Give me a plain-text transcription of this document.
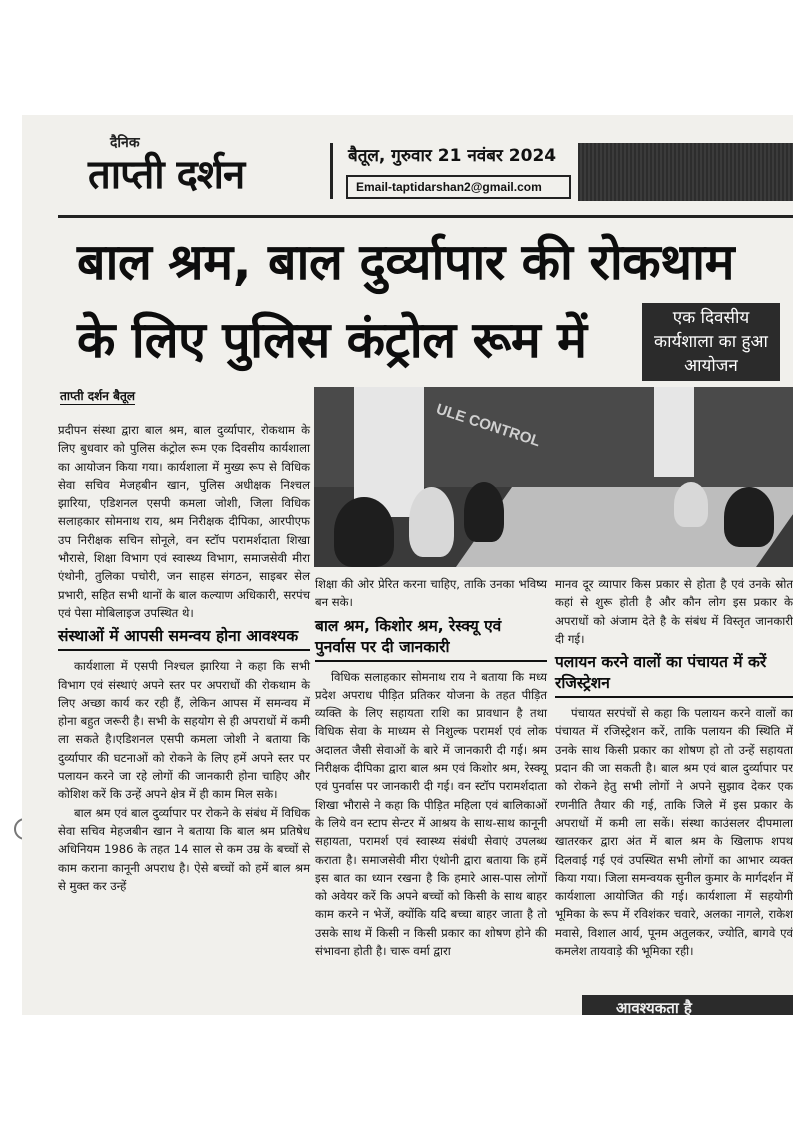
दैनिक
ताप्ती दर्शन	बैतूल, गुरुवार 21 नवंबर 2024
Email-taptidarshan2@gmail.com
बाल श्रम, बाल दुर्व्यापार की रोकथाम
के लिए पुलिस कंट्रोल रूम में	एक दिवसीय कार्यशाला का हुआ आयोजन
ताप्ती दर्शन बैतूल

प्रदीपन संस्था द्वारा बाल श्रम, बाल दुर्व्यापार, रोकथाम के लिए बुधवार को पुलिस कंट्रोल रूम एक दिवसीय कार्यशाला का आयोजन किया गया। कार्यशाला में मुख्य रूप से विधिक सेवा सचिव मेजहबीन खान, पुलिस अधीक्षक निश्चल झारिया, एडिशनल एसपी कमला जोशी, जिला विधिक सलाहकार सोमनाथ राय, श्रम निरीक्षक दीपिका, आरपीएफ उप निरीक्षक सचिन सोनूले, वन स्टॉप परामर्शदाता शिखा भौरासे, शिक्षा विभाग एवं स्वास्थ्य विभाग, समाजसेवी मीरा एंथोनी, तुलिका पचोरी, जन साहस संगठन, साइबर सेल प्रभारी, सहित सभी थानों के बाल कल्याण अधिकारी, सरपंच एवं पेसा मोबिलाइज उपस्थित थे।

संस्थाओं में आपसी समन्वय होना आवश्यक

कार्यशाला में एसपी निश्चल झारिया ने कहा कि सभी विभाग एवं संस्थाएं अपने स्तर पर अपराधों की रोकथाम के लिए अच्छा कार्य कर रही हैं, लेकिन आपस में समन्वय में होना बहुत जरूरी है। सभी के सहयोग से ही अपराधों में कमी ला सकते है।एडिशनल एसपी कमला जोशी ने बताया कि दुर्व्यापार की घटनाओं को रोकने के लिए हमें अपने स्तर पर पलायन करने जा रहे लोगों की जानकारी होना चाहिए और कोशिश करें कि उन्हें अपने क्षेत्र में ही काम मिल सके।

बाल श्रम एवं बाल दुर्व्यापार पर रोकने के संबंध में विधिक सेवा सचिव मेहजबीन खान ने बताया कि बाल श्रम प्रतिषेध अधिनियम 1986 के तहत 14 साल से कम उम्र के बच्चों से काम कराना कानूनी अपराध है। ऐसे बच्चों को हमें बाल श्रम से मुक्त कर उन्हें

ULE CONTROL

शिक्षा की ओर प्रेरित करना चाहिए, ताकि उनका भविष्य बन सके।

बाल श्रम, किशोर श्रम, रेस्क्यू एवं पुनर्वास पर दी जानकारी

विधिक सलाहकार सोमनाथ राय ने बताया कि मध्य प्रदेश अपराध पीड़ित प्रतिकर योजना के तहत पीड़ित व्यक्ति के लिए सहायता राशि का प्रावधान है तथा विधिक सेवा के माध्यम से निशुल्क परामर्श एवं लोक अदालत जैसी सेवाओं के बारे में जानकारी दी गई। श्रम निरीक्षक दीपिका द्वारा बाल श्रम एवं किशोर श्रम, रेस्क्यू एवं पुनर्वास पर जानकारी दी गई। वन स्टॉप परामर्शदाता शिखा भौरासे ने कहा कि पीड़ित महिला एवं बालिकाओं के लिये वन स्टाप सेन्टर में आश्रय के साथ-साथ कानूनी सहायता, परामर्श एवं स्वास्थ्य संबंधी सेवाएं उपलब्ध कराता है। समाजसेवी मीरा एंथोनी द्वारा बताया कि हमें इस बात का ध्यान रखना है कि हमारे आस-पास लोगों को अवेयर करें कि अपने बच्चों को किसी के साथ बाहर काम करने न भेजें, क्योंकि यदि बच्चा बाहर जाता है तो उसके साथ में किसी न किसी प्रकार का शोषण होने की संभावना होती है। चारू वर्मा द्वारा

मानव दूर व्यापार किस प्रकार से होता है एवं उनके स्रोत कहां से शुरू होती है और कौन लोग इस प्रकार के अपराधों को अंजाम देते है के संबंध में विस्तृत जानकारी दी गई।

पलायन करने वालों का पंचायत में करें रजिस्ट्रेशन

पंचायत सरपंचों से कहा कि पलायन करने वालों का पंचायत में रजिस्ट्रेशन करें, ताकि पलायन की स्थिति में उनके साथ किसी प्रकार का शोषण हो तो उन्हें सहायता प्रदान की जा सकती है। बाल श्रम एवं बाल दुर्व्यापार पर को रोकने हेतु सभी लोगों ने अपने सुझाव देकर एक रणनीति तैयार की गई, ताकि जिले में इस प्रकार के अपराधों में कमी ला सकें। संस्था काउंसलर दीपमाला खातरकर द्वारा अंत में बाल श्रम के खिलाफ शपथ दिलवाई गई एवं उपस्थित सभी लोगों का आभार व्यक्त किया गया। जिला समन्वयक सुनील कुमार के मार्गदर्शन में कार्यशाला आयोजित की गई। कार्यशाला में सहयोगी भूमिका के रूप में रविशंकर चवारे, अलका नागले, राकेश मवासे, विशाल आर्य, पूनम अतुलकर, ज्योति, बागवे एवं कमलेश तायवाड़े की भूमिका रही।

आवश्यकता है
